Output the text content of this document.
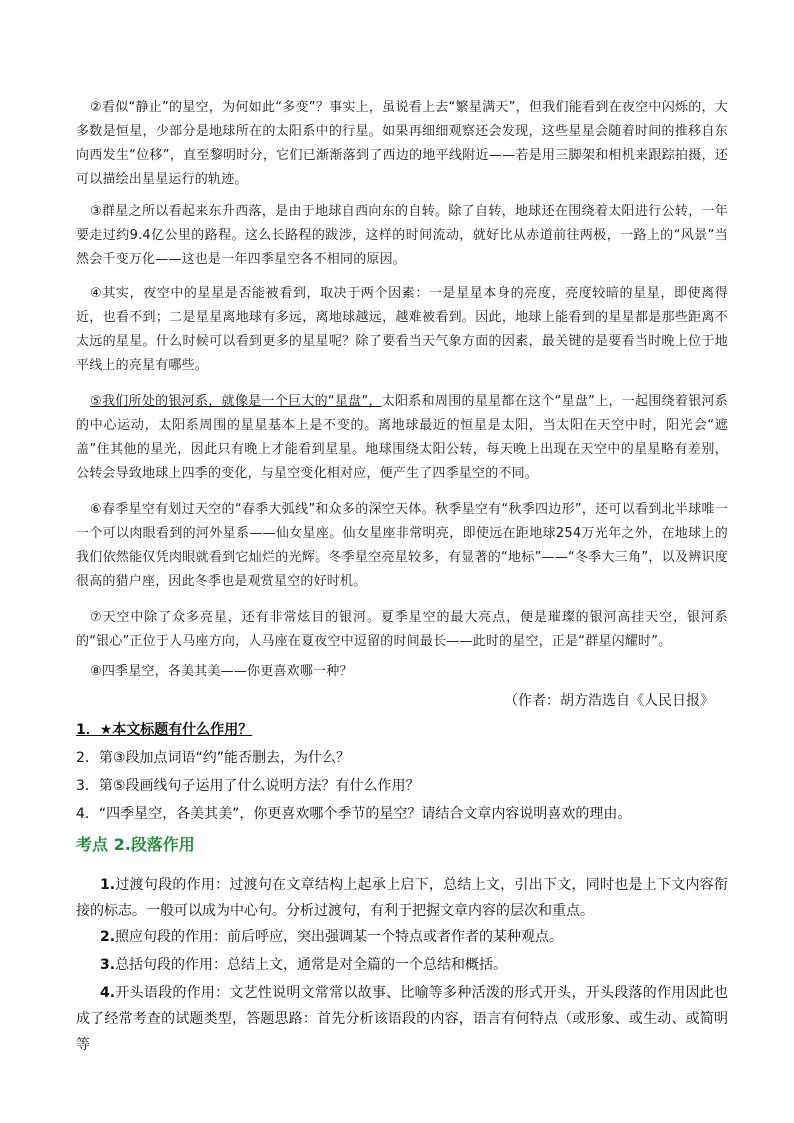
②看似“静止”的星空，为何如此“多变”？事实上，虽说看上去“繁星满天”，但我们能看到在夜空中闪烁的，大多数是恒星，少部分是地球所在的太阳系中的行星。如果再细细观察还会发现，这些星星会随着时间的推移自东向西发生“位移”，直至黎明时分，它们已渐渐落到了西边的地平线附近——若是用三脚架和相机来跟踪拍摄，还可以描绘出星星运行的轨迹。
③群星之所以看起来东升西落，是由于地球自西向东的自转。除了自转，地球还在围绕着太阳进行公转，一年要走过约9.4亿公里的路程。这么长路程的跋涉，这样的时间流动，就好比从赤道前往两极，一路上的“风景”当然会千变万化——这也是一年四季星空各不相同的原因。
④其实，夜空中的星星是否能被看到，取决于两个因素：一是星星本身的亮度，亮度较暗的星星，即使离得近，也看不到；二是星星离地球有多远，离地球越远，越难被看到。因此，地球上能看到的星星都是那些距离不太远的星星。什么时候可以看到更多的星星呢？除了要看当天气象方面的因素，最关键的是要看当时晚上位于地平线上的亮星有哪些。
⑤我们所处的银河系，就像是一个巨大的“星盘”，太阳系和周围的星星都在这个“星盘”上，一起围绕着银河系的中心运动，太阳系周围的星星基本上是不变的。离地球最近的恒星是太阳，当太阳在天空中时，阳光会“遮盖”住其他的星光，因此只有晚上才能看到星星。地球围绕太阳公转，每天晚上出现在天空中的星星略有差别，公转会导致地球上四季的变化，与星空变化相对应，便产生了四季星空的不同。
⑥春季星空有划过天空的“春季大弧线”和众多的深空天体。秋季星空有“秋季四边形”，还可以看到北半球唯一一个可以肉眼看到的河外星系——仙女星座。仙女星座非常明亮，即使远在距地球254万光年之外，在地球上的我们依然能仅凭肉眼就看到它灿烂的光辉。冬季星空亮星较多，有显著的“地标”——“冬季大三角”，以及辨识度很高的猎户座，因此冬季也是观赏星空的好时机。
⑦天空中除了众多亮星，还有非常炫目的银河。夏季星空的最大亮点，便是璀璨的银河高挂天空，银河系的“银心”正位于人马座方向，人马座在夏夜空中逗留的时间最长——此时的星空，正是“群星闪耀时”。
⑧四季星空，各美其美——你更喜欢哪一种？
（作者：胡方浩选自《人民日报》
1．★本文标题有什么作用？
2．第③段加点词语“约”能否删去，为什么？
3．第⑤段画线句子运用了什么说明方法？有什么作用？
4．“四季星空，各美其美”，你更喜欢哪个季节的星空？请结合文章内容说明喜欢的理由。
考点 2.段落作用
1.过渡句段的作用：过渡句在文章结构上起承上启下，总结上文，引出下文，同时也是上下文内容衔接的标志。一般可以成为中心句。分析过渡句，有利于把握文章内容的层次和重点。
2.照应句段的作用：前后呼应，突出强调某一个特点或者作者的某种观点。
3.总括句段的作用：总结上文，通常是对全篇的一个总结和概括。
4.开头语段的作用：文艺性说明文常常以故事、比喻等多种活泼的形式开头，开头段落的作用因此也成了经常考查的试题类型，答题思路：首先分析该语段的内容，语言有何特点（或形象、或生动、或简明等
